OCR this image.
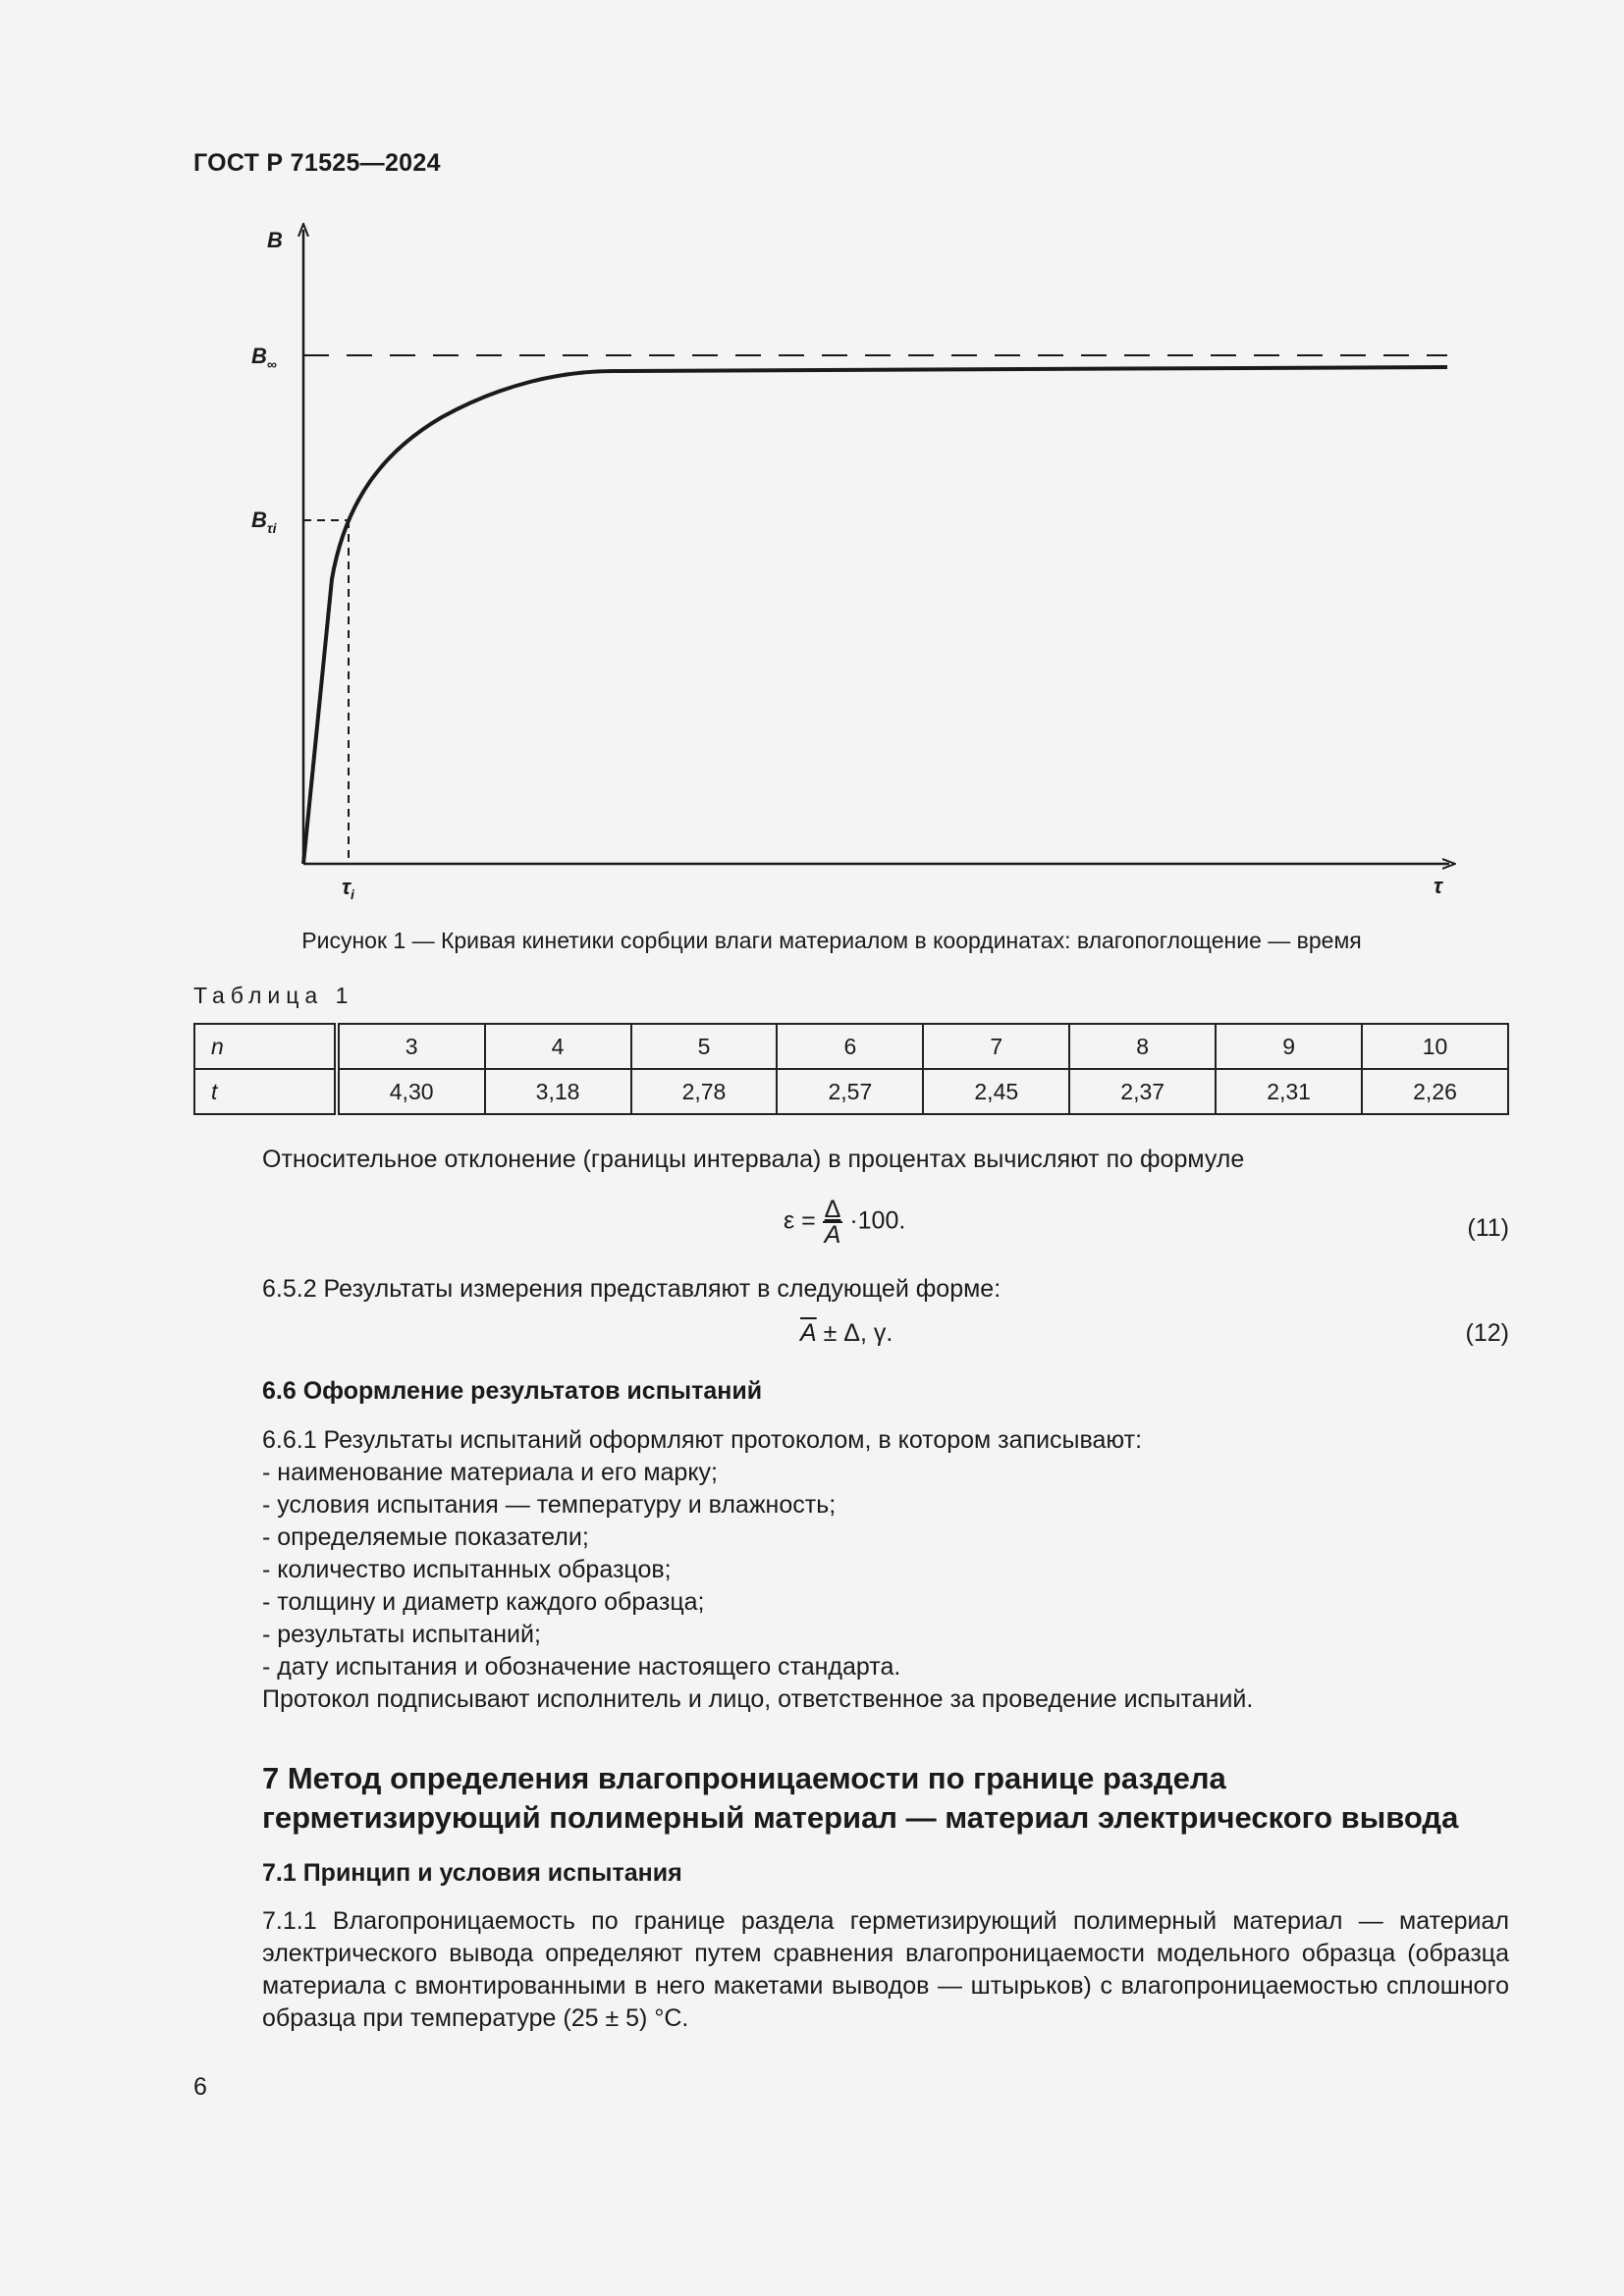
ГОСТ Р 71525—2024
B
$B_\infty$
$B_{\tau i}$
$\tau_i$	τ
Рисунок 1 — Кривая кинетики сорбции влаги материалом в координатах: влагопоглощение — время
Таблица 1
n	3	4	5	6	7	8	9	10
t	4,30	3,18	2,78	2,57	2,45	2,37	2,31	2,26
Относительное отклонение (границы интервала) в процентах вычисляют по формуле
$\varepsilon = \frac{\Delta}{A} \cdot 100$.	(11)
6.5.2 Результаты измерения представляют в следующей форме:
$\overline{A} \pm \Delta$, γ.	(12)
6.6 Оформление результатов испытаний
6.6.1 Результаты испытаний оформляют протоколом, в котором записывают:
- наименование материала и его марку;
- условия испытания — температуру и влажность;
- определяемые показатели;
- количество испытанных образцов;
- толщину и диаметр каждого образца;
- результаты испытаний;
- дату испытания и обозначение настоящего стандарта.
Протокол подписывают исполнитель и лицо, ответственное за проведение испытаний.
7 Метод определения влагопроницаемости по границе раздела
герметизирующий полимерный материал — материал электрического вывода
7.1 Принцип и условия испытания
7.1.1 Влагопроницаемость по границе раздела герметизирующий полимерный материал — материал электрического вывода определяют путем сравнения влагопроницаемости модельного образца (образца материала с вмонтированными в него макетами выводов — штырьков) с влагопроницаемостью сплошного образца при температуре (25 ± 5) °С.
6
